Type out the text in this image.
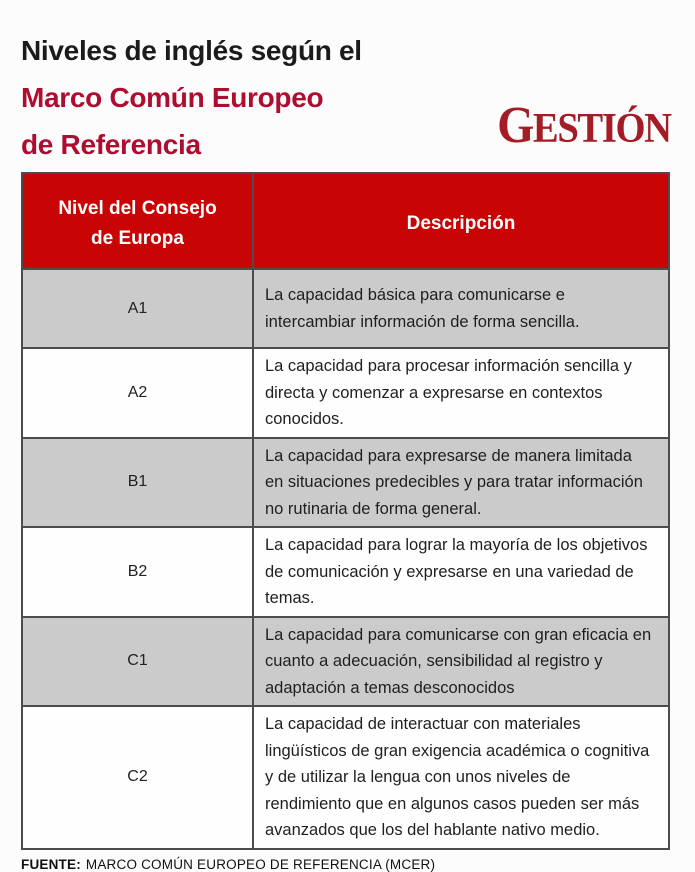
Niveles de inglés según el
Marco Común Europeo
de Referencia	GESTIÓN
Nivel del Consejo de Europa	Descripción
A1	La capacidad básica para comunicarse e intercambiar información de forma sencilla.
A2	La capacidad para procesar información sencilla y directa y comenzar a expresarse en contextos conocidos.
B1	La capacidad para expresarse de manera limitada en situaciones predecibles y para tratar información no rutinaria de forma general.
B2	La capacidad para lograr la mayoría de los objetivos de comunicación y expresarse en una variedad de temas.
C1	La capacidad para comunicarse con gran eficacia en cuanto a adecuación, sensibilidad al registro y adaptación a temas desconocidos
C2	La capacidad de interactuar con materiales lingüísticos de gran exigencia académica o cognitiva y de utilizar la lengua con unos niveles de rendimiento que en algunos casos pueden ser más avanzados que los del hablante nativo medio.
FUENTE: MARCO COMÚN EUROPEO DE REFERENCIA (MCER)
